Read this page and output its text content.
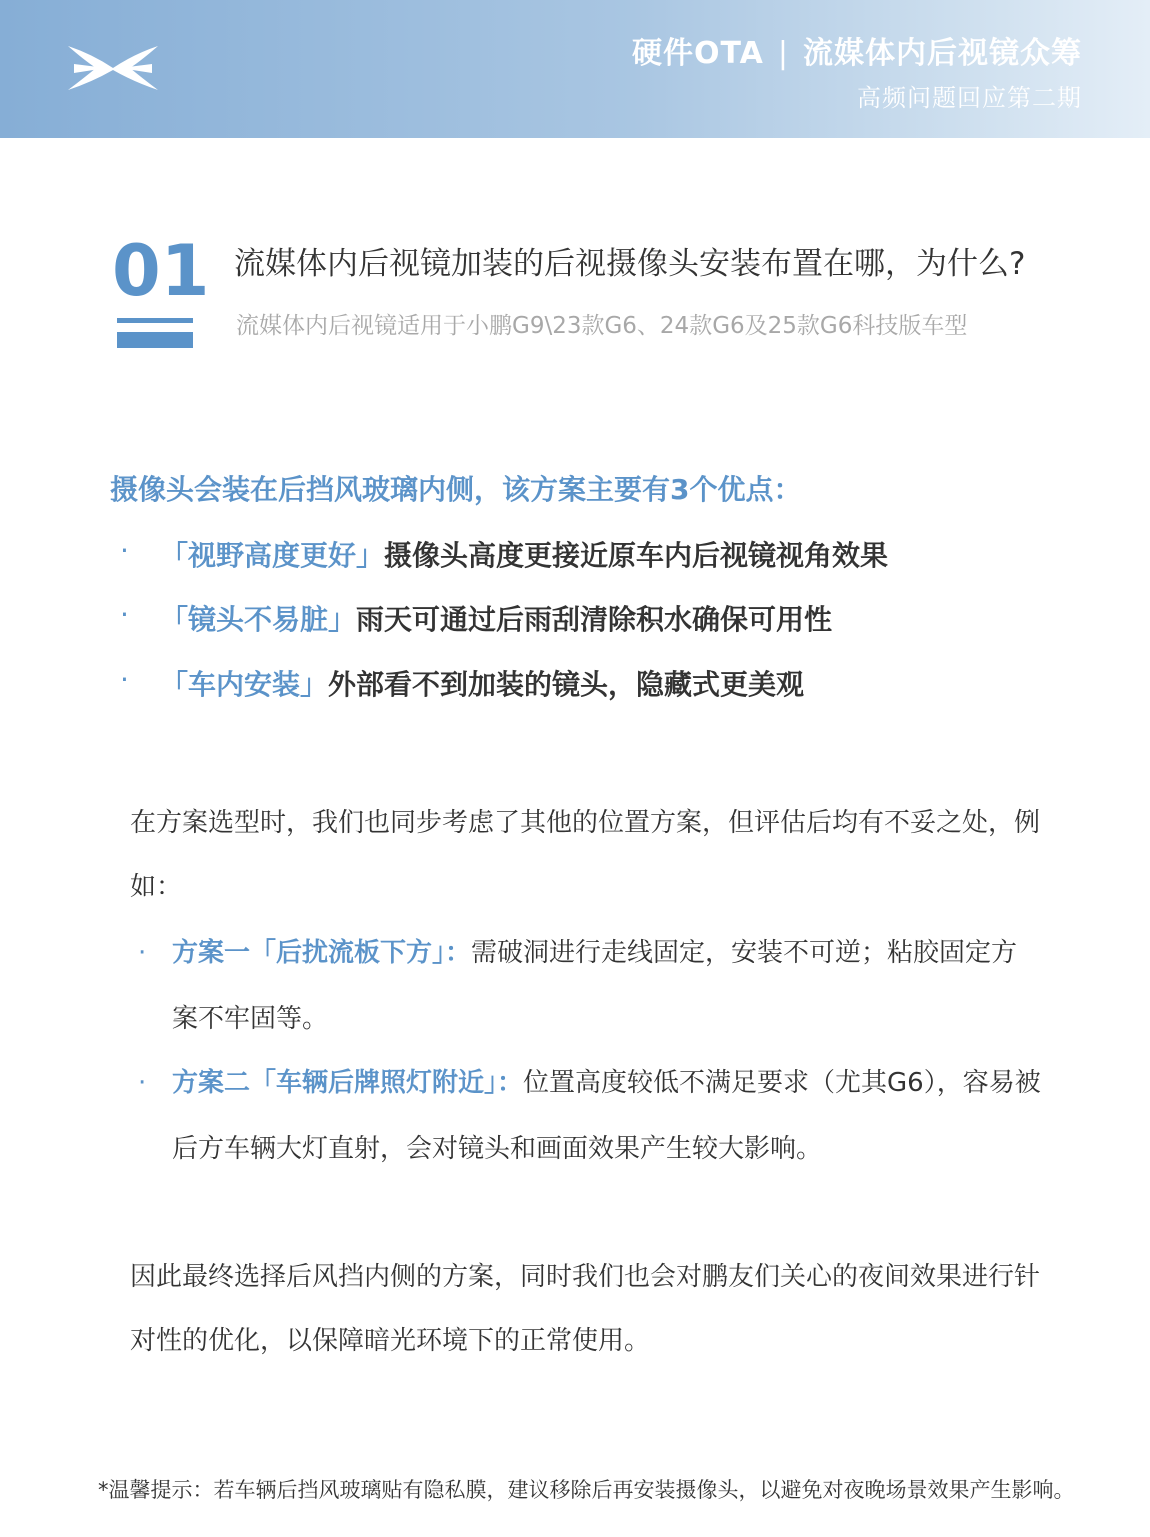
硬件OTA | 流媒体内后视镜众筹
高频问题回应第二期
01 流媒体内后视镜加装的后视摄像头安装布置在哪，为什么?
流媒体内后视镜适用于小鹏G9\23款G6、24款G6及25款G6科技版车型
摄像头会装在后挡风玻璃内侧，该方案主要有3个优点：
· 「视野高度更好」摄像头高度更接近原车内后视镜视角效果
· 「镜头不易脏」雨天可通过后雨刮清除积水确保可用性
· 「车内安装」外部看不到加装的镜头，隐藏式更美观
在方案选型时，我们也同步考虑了其他的位置方案，但评估后均有不妥之处，例如：
· 方案一「后扰流板下方」：需破洞进行走线固定，安装不可逆；粘胶固定方案不牢固等。
· 方案二「车辆后牌照灯附近」：位置高度较低不满足要求（尤其G6），容易被后方车辆大灯直射，会对镜头和画面效果产生较大影响。
因此最终选择后风挡内侧的方案，同时我们也会对鹏友们关心的夜间效果进行针对性的优化，以保障暗光环境下的正常使用。
*温馨提示：若车辆后挡风玻璃贴有隐私膜，建议移除后再安装摄像头，以避免对夜晚场景效果产生影响。
